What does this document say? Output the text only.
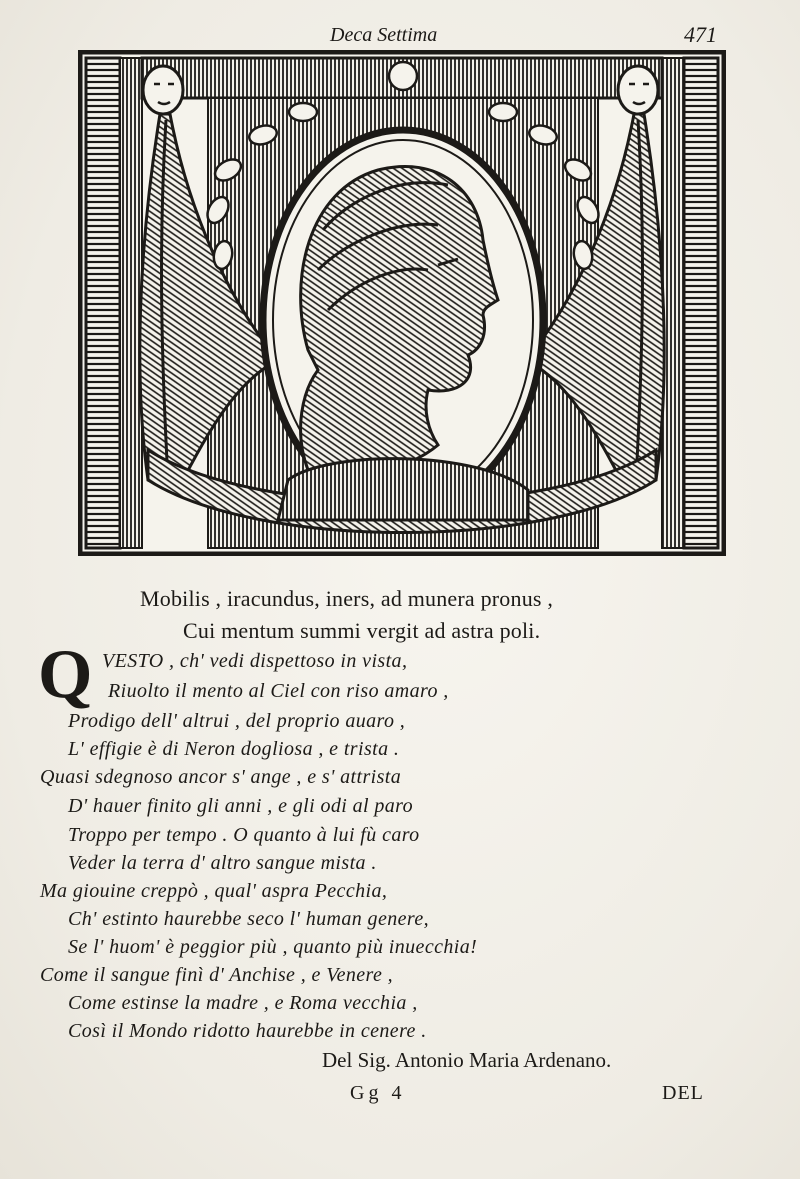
Deca Settima	471
Mobilis , iracundus, iners, ad munera pronus ,
Cui mentum summi vergit ad astra poli.
Q VESTO , ch' vedi dispettoso in vista,
Riuolto il mento al Ciel con riso amaro ,
Prodigo dell' altrui , del proprio auaro ,
L' effigie è di Neron dogliosa , e trista .
Quasi sdegnoso ancor s' ange , e s' attrista
D' hauer finito gli anni , e gli odi al paro
Troppo per tempo . O quanto à lui fù caro
Veder la terra d' altro sangue mista .
Ma giouine creppò , qual' aspra Pecchia,
Ch' estinto haurebbe seco l' human genere,
Se l' huom' è peggior più , quanto più inuecchia!
Come il sangue finì d' Anchise , e Venere ,
Come estinse la madre , e Roma vecchia ,
Così il Mondo ridotto haurebbe in cenere .
Del Sig. Antonio Maria Ardenano.
Gg 4	DEL
